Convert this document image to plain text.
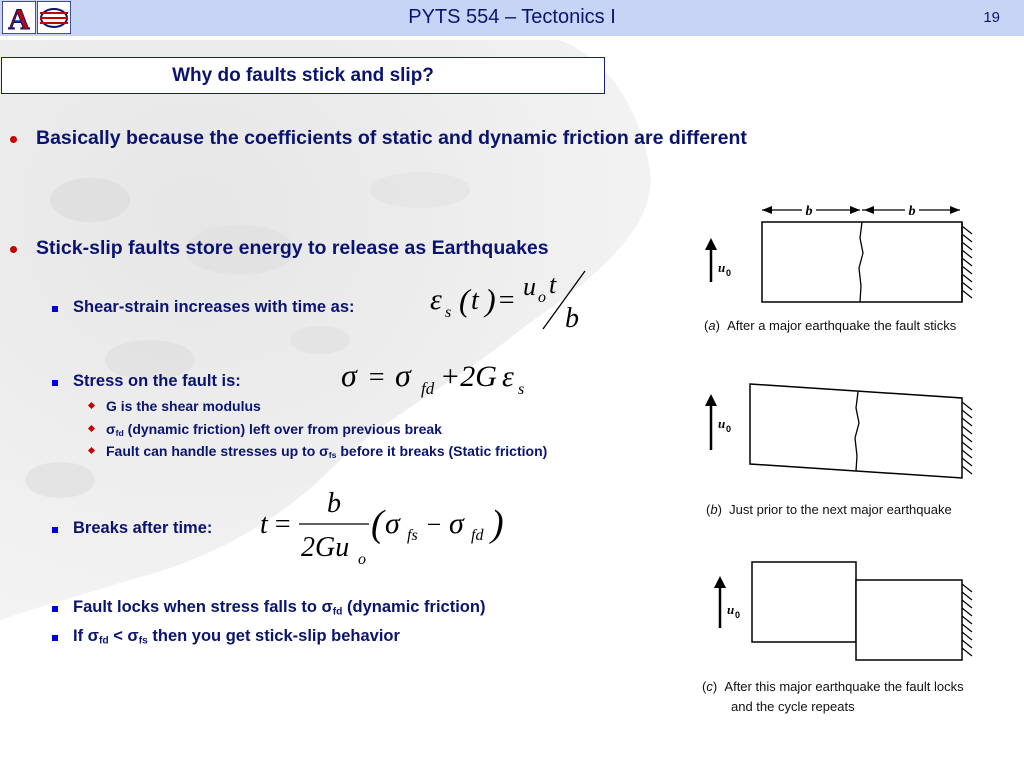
A	PYTS 554 – Tectonics I	19
Why do faults stick and slip?
Basically because the coefficients of static and dynamic friction are different
Stick-slip faults store energy to release as Earthquakes
Shear-strain increases with time as:
Stress on the fault is:
G is the shear modulus
$\sigma_{fd}$ (dynamic friction) left over from previous break
Fault can handle stresses up to $\sigma_{fs}$ before it breaks (Static friction)
Breaks after time:
Fault locks when stress falls to $\sigma_{fd}$ (dynamic friction)
If $\sigma_{fd} < \sigma_{fs}$ then you get stick-slip behavior
ε s ( t ) = u o t
b
σ = σ fd +2G ε s
t =
b
2Gu o
( σ fs − σ fd )
b	b
u 0
(a)  After a major earthquake the fault sticks
u 0
(b)  Just prior to the next major earthquake
u 0
(c)  After this major earthquake the fault locks
and the cycle repeats
